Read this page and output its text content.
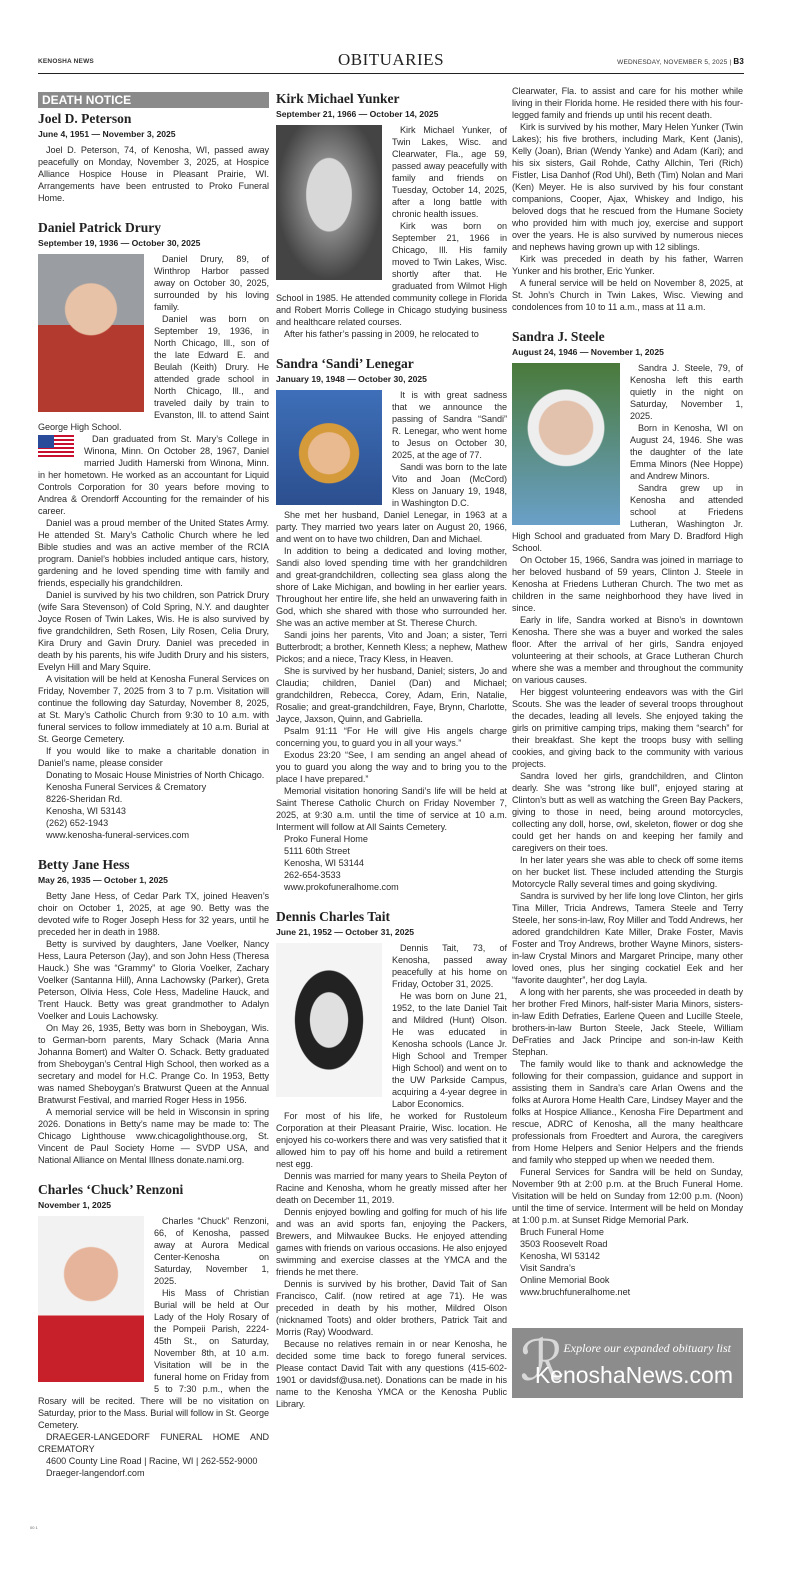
KENOSHA NEWS	OBITUARIES	WEDNESDAY, NOVEMBER 5, 2025 | B3
DEATH NOTICE
Joel D. Peterson
June 4, 1951 — November 3, 2025

Joel D. Peterson, 74, of Kenosha, WI, passed away peacefully on Monday, November 3, 2025, at Hospice Alliance Hospice House in Pleasant Prairie, WI. Arrangements have been entrusted to Proko Funeral Home.

Daniel Patrick Drury
September 19, 1936 — October 30, 2025

Daniel Drury, 89, of Winthrop Harbor passed away on October 30, 2025, surrounded by his loving family.

Daniel was born on September 19, 1936, in North Chicago, Ill., son of the late Edward E. and Beulah (Keith) Drury. He attended grade school in North Chicago, Ill., and traveled daily by train to Evanston, Ill. to attend Saint George High School.

Dan graduated from St. Mary’s College in Winona, Minn. On October 28, 1967, Daniel married Judith Hamerski from Winona, Minn. in her hometown. He worked as an accountant for Liquid Controls Corporation for 30 years before moving to Andrea & Orendorff Accounting for the remainder of his career.

Daniel was a proud member of the United States Army. He attended St. Mary’s Catholic Church where he led Bible studies and was an active member of the RCIA program. Daniel’s hobbies included antique cars, history, gardening and he loved spending time with family and friends, especially his grandchildren.

Daniel is survived by his two children, son Patrick Drury (wife Sara Stevenson) of Cold Spring, N.Y. and daughter Joyce Rosen of Twin Lakes, Wis. He is also survived by five grandchildren, Seth Rosen, Lily Rosen, Celia Drury, Kira Drury and Gavin Drury. Daniel was preceded in death by his parents, his wife Judith Drury and his sisters, Evelyn Hill and Mary Squire.

A visitation will be held at Kenosha Funeral Services on Friday, November 7, 2025 from 3 to 7 p.m. Visitation will continue the following day Saturday, November 8, 2025, at St. Mary’s Catholic Church from 9:30 to 10 a.m. with funeral services to follow immediately at 10 a.m. Burial at St. George Cemetery.

If you would like to make a charitable donation in Daniel’s name, please consider

Donating to Mosaic House Ministries of North Chicago.

Kenosha Funeral Services & Crematory
8226-Sheridan Rd.
Kenosha, WI 53143
(262) 652-1943
www.kenosha-funeral-services.com
Betty Jane Hess
May 26, 1935 — October 1, 2025

Betty Jane Hess, of Cedar Park TX, joined Heaven’s choir on October 1, 2025, at age 90. Betty was the devoted wife to Roger Joseph Hess for 32 years, until he preceded her in death in 1988.

Betty is survived by daughters, Jane Voelker, Nancy Hess, Laura Peterson (Jay), and son John Hess (Theresa Hauck.) She was “Grammy” to Gloria Voelker, Zachary Voelker (Santanna Hill), Anna Lachowsky (Parker), Greta Peterson, Olivia Hess, Cole Hess, Madeline Hauck, and Trent Hauck. Betty was great grandmother to Adalyn Voelker and Louis Lachowsky.

On May 26, 1935, Betty was born in Sheboygan, Wis. to German-born parents, Mary Schack (Maria Anna Johanna Bomert) and Walter O. Schack. Betty graduated from Sheboygan’s Central High School, then worked as a secretary and model for H.C. Prange Co. In 1953, Betty was named Sheboygan’s Bratwurst Queen at the Annual Bratwurst Festival, and married Roger Hess in 1956.

A memorial service will be held in Wisconsin in spring 2026. Donations in Betty’s name may be made to: The Chicago Lighthouse www.chicagolighthouse.org, St. Vincent de Paul Society Home — SVDP USA, and National Alliance on Mental Illness donate.nami.org.

Charles ‘Chuck’ Renzoni
November 1, 2025

Charles “Chuck” Renzoni, 66, of Kenosha, passed away at Aurora Medical Center-Kenosha on Saturday, November 1, 2025.

His Mass of Christian Burial will be held at Our Lady of the Holy Rosary of the Pompeii Parish, 2224-45th St., on Saturday, November 8th, at 10 a.m. Visitation will be in the funeral home on Friday from 5 to 7:30 p.m., when the Rosary will be recited. There will be no visitation on Saturday, prior to the Mass. Burial will follow in St. George Cemetery.

DRAEGER-LANGEDORF FUNERAL HOME AND CREMATORY

4600 County Line Road | Racine, WI | 262-552-9000
Draeger-langendorf.com
Kirk Michael Yunker
September 21, 1966 — October 14, 2025

Kirk Michael Yunker, of Twin Lakes, Wisc. and Clearwater, Fla., age 59, passed away peacefully with family and friends on Tuesday, October 14, 2025, after a long battle with chronic health issues.

Kirk was born on September 21, 1966 in Chicago, Ill. His family moved to Twin Lakes, Wisc. shortly after that. He graduated from Wilmot High School in 1985. He attended community college in Florida and Robert Morris College in Chicago studying business and healthcare related courses.

After his father’s passing in 2009, he relocated to

Sandra ‘Sandi’ Lenegar
January 19, 1948 — October 30, 2025

It is with great sadness that we announce the passing of Sandra “Sandi” R. Lenegar, who went home to Jesus on October 30, 2025, at the age of 77.

Sandi was born to the late Vito and Joan (McCord) Kless on January 19, 1948, in Washington D.C.

She met her husband, Daniel Lenegar, in 1963 at a party. They married two years later on August 20, 1966, and went on to have two children, Dan and Michael.

In addition to being a dedicated and loving mother, Sandi also loved spending time with her grandchildren and great-grandchildren, collecting sea glass along the shore of Lake Michigan, and bowling in her earlier years. Throughout her entire life, she held an unwavering faith in God, which she shared with those who surrounded her. She was an active member at St. Therese Church.

Sandi joins her parents, Vito and Joan; a sister, Terri Butterbrodt; a brother, Kenneth Kless; a nephew, Mathew Pickos; and a niece, Tracy Kless, in Heaven.

She is survived by her husband, Daniel; sisters, Jo and Claudia; children, Daniel (Dan) and Michael; grandchildren, Rebecca, Corey, Adam, Erin, Natalie, Rosalie; and great-grandchildren, Faye, Brynn, Charlotte, Jayce, Jaxson, Quinn, and Gabriella.

Psalm 91:11 “For He will give His angels charge concerning you, to guard you in all your ways.”

Exodus 23:20 “See, I am sending an angel ahead of you to guard you along the way and to bring you to the place I have prepared.”

Memorial visitation honoring Sandi’s life will be held at Saint Therese Catholic Church on Friday November 7, 2025, at 9:30 a.m. until the time of service at 10 a.m. Interment will follow at All Saints Cemetery.

Proko Funeral Home
5111 60th Street
Kenosha, WI 53144
262-654-3533
www.prokofuneralhome.com
Dennis Charles Tait
June 21, 1952 — October 31, 2025

Dennis Tait, 73, of Kenosha, passed away peacefully at his home on Friday, October 31, 2025.

He was born on June 21, 1952, to the late Daniel Tait and Mildred (Hunt) Olson. He was educated in Kenosha schools (Lance Jr. High School and Tremper High School) and went on to the UW Parkside Campus, acquiring a 4-year degree in Labor Economics.

For most of his life, he worked for Rustoleum Corporation at their Pleasant Prairie, Wisc. location. He enjoyed his co-workers there and was very satisfied that it allowed him to pay off his home and build a retirement nest egg.

Dennis was married for many years to Sheila Peyton of Racine and Kenosha, whom he greatly missed after her death on December 11, 2019.

Dennis enjoyed bowling and golfing for much of his life and was an avid sports fan, enjoying the Packers, Brewers, and Milwaukee Bucks. He enjoyed attending games with friends on various occasions. He also enjoyed swimming and exercise classes at the YMCA and the friends he met there.

Dennis is survived by his brother, David Tait of San Francisco, Calif. (now retired at age 71). He was preceded in death by his mother, Mildred Olson (nicknamed Toots) and older brothers, Patrick Tait and Morris (Ray) Woodward.

Because no relatives remain in or near Kenosha, he decided some time back to forego funeral services. Please contact David Tait with any questions (415-602-1901 or davidsf@usa.net). Donations can be made in his name to the Kenosha YMCA or the Kenosha Public Library.

Clearwater, Fla. to assist and care for his mother while living in their Florida home. He resided there with his four-legged family and friends up until his recent death.

Kirk is survived by his mother, Mary Helen Yunker (Twin Lakes); his five brothers, including Mark, Kent (Janis), Kelly (Joan), Brian (Wendy Yanke) and Adam (Kari); and his six sisters, Gail Rohde, Cathy Allchin, Teri (Rich) Fistler, Lisa Danhof (Rod Uhl), Beth (Tim) Nolan and Mari (Ken) Meyer. He is also survived by his four constant companions, Cooper, Ajax, Whiskey and Indigo, his beloved dogs that he rescued from the Humane Society who provided him with much joy, exercise and support over the years. He is also survived by numerous nieces and nephews having grown up with 12 siblings.

Kirk was preceded in death by his father, Warren Yunker and his brother, Eric Yunker.

A funeral service will be held on November 8, 2025, at St. John’s Church in Twin Lakes, Wisc. Viewing and condolences from 10 to 11 a.m., mass at 11 a.m.

Sandra J. Steele
August 24, 1946 — November 1, 2025

Sandra J. Steele, 79, of Kenosha left this earth quietly in the night on Saturday, November 1, 2025.

Born in Kenosha, WI on August 24, 1946. She was the daughter of the late Emma Minors (Nee Hoppe) and Andrew Minors.

Sandra grew up in Kenosha and attended school at Friedens Lutheran, Washington Jr. High School and graduated from Mary D. Bradford High School.

On October 15, 1966, Sandra was joined in marriage to her beloved husband of 59 years, Clinton J. Steele in Kenosha at Friedens Lutheran Church. The two met as children in the same neighborhood they have lived in since.

Early in life, Sandra worked at Bisno’s in downtown Kenosha. There she was a buyer and worked the sales floor. After the arrival of her girls, Sandra enjoyed volunteering at their schools, at Grace Lutheran Church where she was a member and throughout the community on various causes.

Her biggest volunteering endeavors was with the Girl Scouts. She was the leader of several troops throughout the decades, leading all levels. She enjoyed taking the girls on primitive camping trips, making them “search” for their breakfast. She kept the troops busy with selling cookies, and giving back to the community with various projects.

Sandra loved her girls, grandchildren, and Clinton dearly. She was “strong like bull”, enjoyed staring at Clinton’s butt as well as watching the Green Bay Packers, giving to those in need, being around motorcycles, collecting any doll, horse, owl, skeleton, flower or dog she could get her hands on and keeping her family and caregivers on their toes.

In her later years she was able to check off some items on her bucket list. These included attending the Sturgis Motorcycle Rally several times and going skydiving.

Sandra is survived by her life long love Clinton, her girls Tina Miller, Tricia Andrews, Tamera Steele and Terry Steele, her sons-in-law, Roy Miller and Todd Andrews, her adored grandchildren Kate Miller, Drake Foster, Mavis Foster and Troy Andrews, brother Wayne Minors, sisters-in-law Crystal Minors and Margaret Principe, many other loved ones, plus her singing cockatiel Eek and her “favorite daughter”, her dog Layla.

A long with her parents, she was proceeded in death by her brother Fred Minors, half-sister Maria Minors, sisters-in-law Edith Defraties, Earlene Queen and Lucille Steele, brothers-in-law Burton Steele, Jack Steele, William DeFraties and Jack Principe and son-in-law Keith Stephan.

The family would like to thank and acknowledge the following for their compassion, guidance and support in assisting them in Sandra’s care Arlan Owens and the folks at Aurora Home Health Care, Lindsey Mayer and the folks at Hospice Alliance., Kenosha Fire Department and rescue, ADRC of Kenosha, all the many healthcare professionals from Froedtert and Aurora, the caregivers from Home Helpers and Senior Helpers and the friends and family who stepped up when we needed them.

Funeral Services for Sandra will be held on Sunday, November 9th at 2:00 p.m. at the Bruch Funeral Home. Visitation will be held on Sunday from 12:00 p.m. (Noon) until the time of service. Interment will be held on Monday at 1:00 p.m. at Sunset Ridge Memorial Park.

Bruch Funeral Home
3503 Roosevelt Road
Kenosha, WI 53142
Visit Sandra’s
Online Memorial Book
www.bruchfuneralhome.net
ℛ
Explore our expanded obituary list
KenoshaNews.com
00 1
